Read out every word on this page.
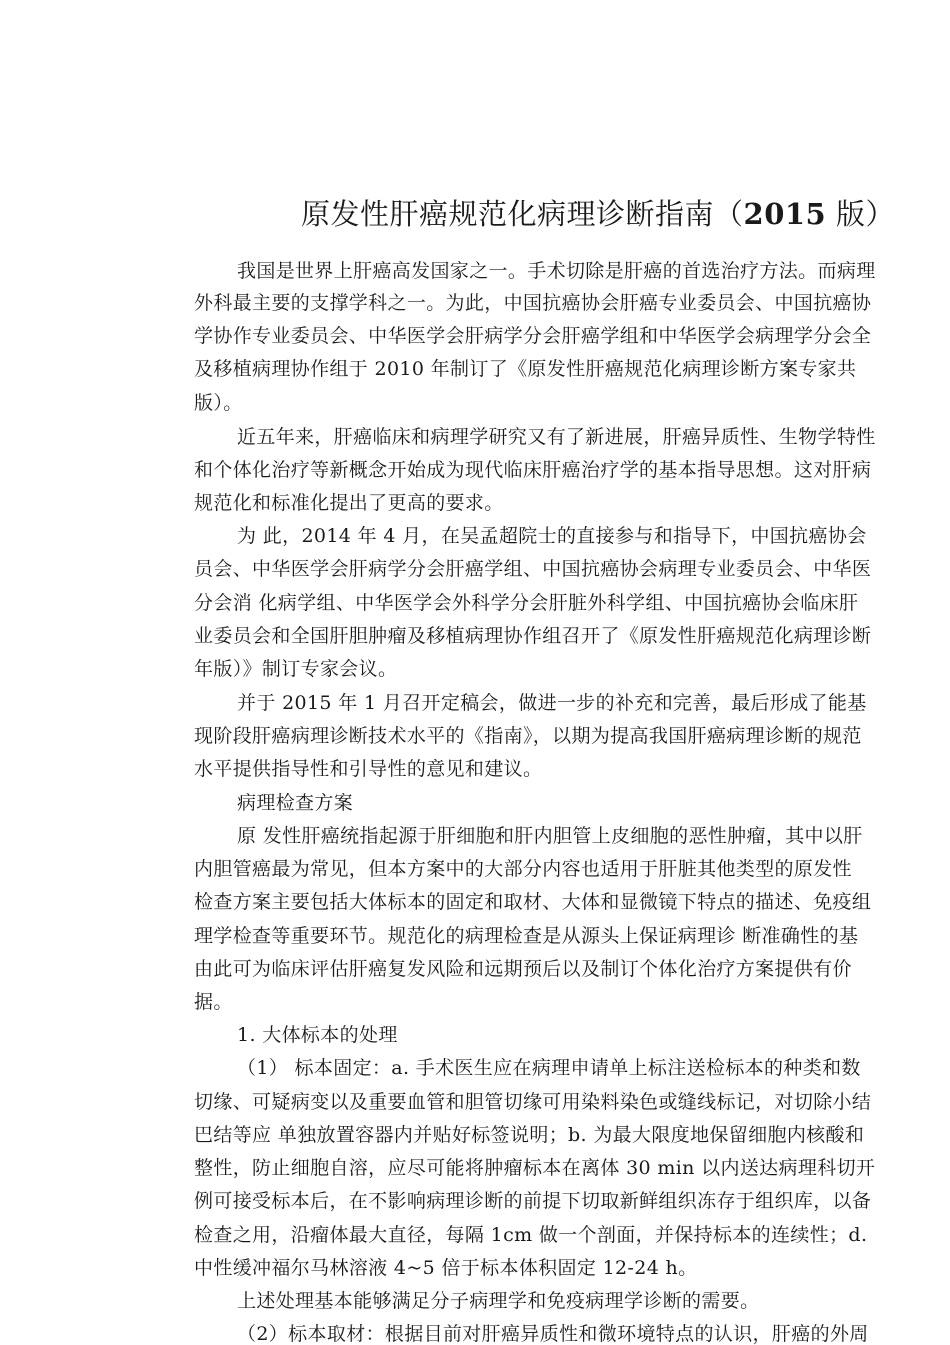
原发性肝癌规范化病理诊断指南（2015 版）
我国是世界上肝癌高发国家之一。手术切除是肝癌的首选治疗方法。而病理
外科最主要的支撑学科之一。为此，中国抗癌协会肝癌专业委员会、中国抗癌协
学协作专业委员会、中华医学会肝病学分会肝癌学组和中华医学会病理学分会全
及移植病理协作组于 2010 年制订了《原发性肝癌规范化病理诊断方案专家共
版）。
近五年来，肝癌临床和病理学研究又有了新进展，肝癌异质性、生物学特性
和个体化治疗等新概念开始成为现代临床肝癌治疗学的基本指导思想。这对肝病
规范化和标准化提出了更高的要求。
为 此，2014 年 4 月，在吴孟超院士的直接参与和指导下，中国抗癌协会
员会、中华医学会肝病学分会肝癌学组、中国抗癌协会病理专业委员会、中华医
分会消 化病学组、中华医学会外科学分会肝脏外科学组、中国抗癌协会临床肝
业委员会和全国肝胆肿瘤及移植病理协作组召开了《原发性肝癌规范化病理诊断
年版）》制订专家会议。
并于 2015 年 1 月召开定稿会，做进一步的补充和完善，最后形成了能基
现阶段肝癌病理诊断技术水平的《指南》，以期为提高我国肝癌病理诊断的规范
水平提供指导性和引导性的意见和建议。
病理检查方案
原 发性肝癌统指起源于肝细胞和肝内胆管上皮细胞的恶性肿瘤，其中以肝
内胆管癌最为常见，但本方案中的大部分内容也适用于肝脏其他类型的原发性
检查方案主要包括大体标本的固定和取材、大体和显微镜下特点的描述、免疫组
理学检查等重要环节。规范化的病理检查是从源头上保证病理诊 断准确性的基
由此可为临床评估肝癌复发风险和远期预后以及制订个体化治疗方案提供有价
据。
1. 大体标本的处理
（1） 标本固定：a. 手术医生应在病理申请单上标注送检标本的种类和数
切缘、可疑病变以及重要血管和胆管切缘可用染料染色或缝线标记，对切除小结
巴结等应 单独放置容器内并贴好标签说明；b. 为最大限度地保留细胞内核酸和
整性，防止细胞自溶，应尽可能将肿瘤标本在离体 30 min 以内送达病理科切开
例可接受标本后，在不影响病理诊断的前提下切取新鲜组织冻存于组织库，以备
检查之用，沿瘤体最大直径，每隔 1cm 做一个剖面，并保持标本的连续性；d.
中性缓冲福尔马林溶液 4~5 倍于标本体积固定 12-24 h。
上述处理基本能够满足分子病理学和免疫病理学诊断的需要。
（2）标本取材：根据目前对肝癌异质性和微环境特点的认识，肝癌的外周
